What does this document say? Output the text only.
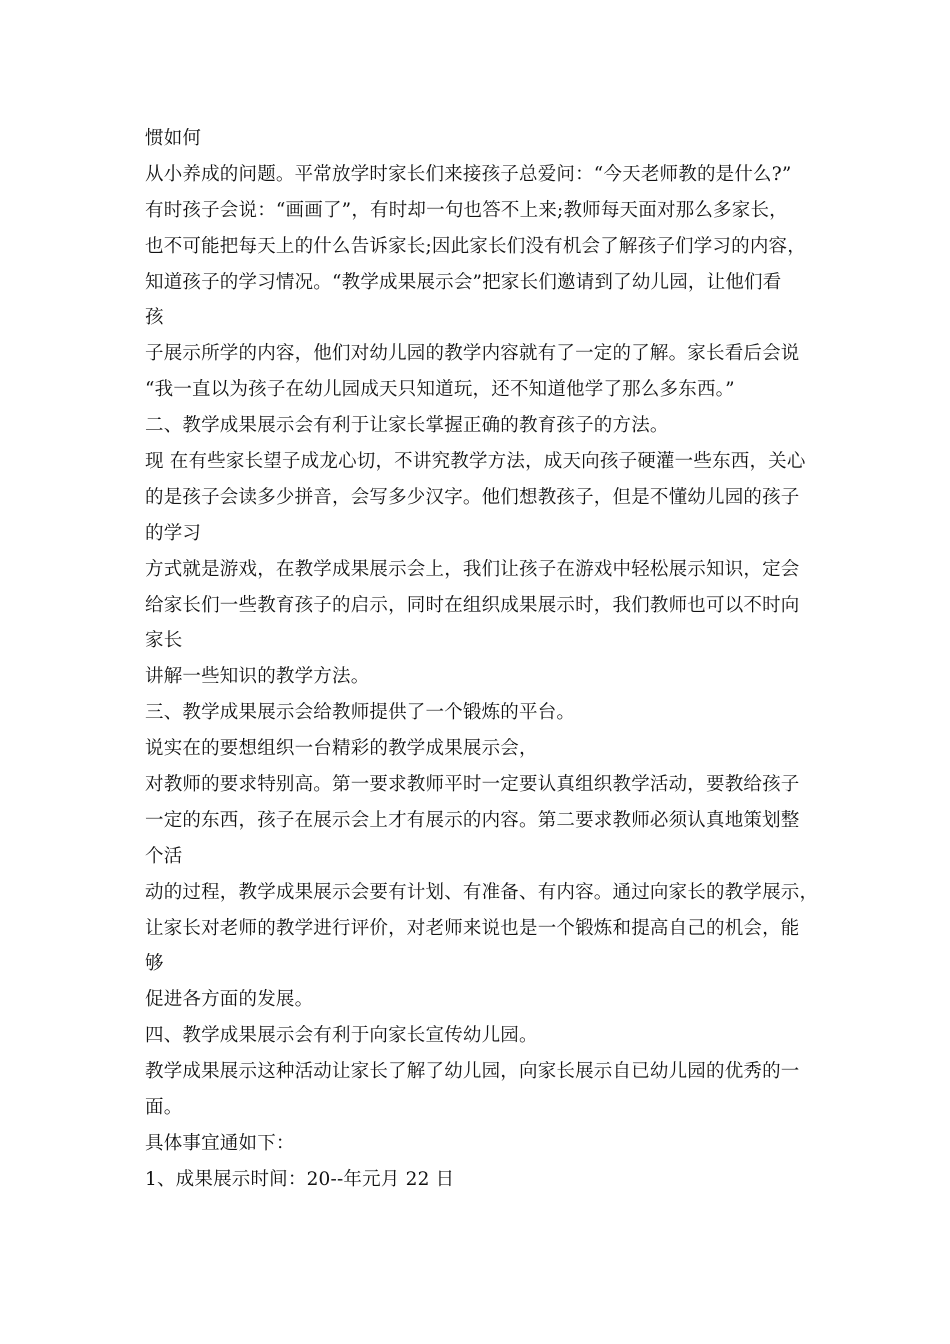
惯如何
从小养成的问题。平常放学时家长们来接孩子总爱问：“今天老师教的是什么?”
有时孩子会说：“画画了”，有时却一句也答不上来;教师每天面对那么多家长，
也不可能把每天上的什么告诉家长;因此家长们没有机会了解孩子们学习的内容，
知道孩子的学习情况。“教学成果展示会”把家长们邀请到了幼儿园，让他们看
孩
子展示所学的内容，他们对幼儿园的教学内容就有了一定的了解。家长看后会说
“我一直以为孩子在幼儿园成天只知道玩，还不知道他学了那么多东西。”
二、教学成果展示会有利于让家长掌握正确的教育孩子的方法。
现 在有些家长望子成龙心切，不讲究教学方法，成天向孩子硬灌一些东西，关心
的是孩子会读多少拼音，会写多少汉字。他们想教孩子，但是不懂幼儿园的孩子
的学习
方式就是游戏，在教学成果展示会上，我们让孩子在游戏中轻松展示知识，定会
给家长们一些教育孩子的启示，同时在组织成果展示时，我们教师也可以不时向
家长
讲解一些知识的教学方法。
三、教学成果展示会给教师提供了一个锻炼的平台。
说实在的要想组织一台精彩的教学成果展示会，
对教师的要求特别高。第一要求教师平时一定要认真组织教学活动，要教给孩子
一定的东西，孩子在展示会上才有展示的内容。第二要求教师必须认真地策划整
个活
动的过程，教学成果展示会要有计划、有准备、有内容。通过向家长的教学展示，
让家长对老师的教学进行评价，对老师来说也是一个锻炼和提高自己的机会，能
够
促进各方面的发展。
四、教学成果展示会有利于向家长宣传幼儿园。
教学成果展示这种活动让家长了解了幼儿园，向家长展示自已幼儿园的优秀的一
面。
具体事宜通如下：
1、成果展示时间：20--年元月 22 日
